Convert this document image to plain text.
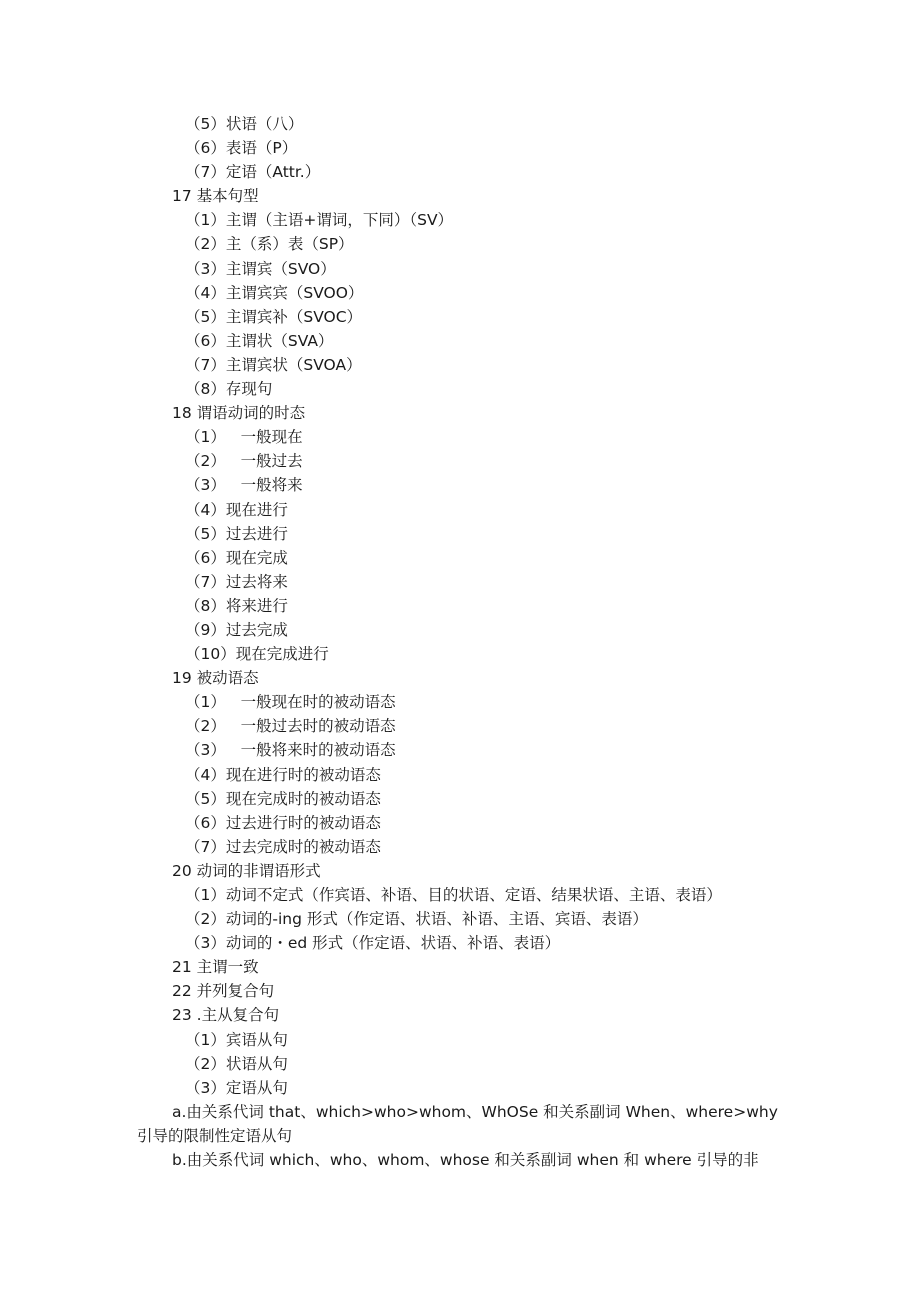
（5）状语（八）
（6）表语（P）
（7）定语（Attr.）
17 基本句型
（1）主谓（主语+谓词，下同）（SV）
（2）主（系）表（SP）
（3）主谓宾（SVO）
（4）主谓宾宾（SVOO）
（5）主谓宾补（SVOC）
（6）主谓状（SVA）
（7）主谓宾状（SVOA）
（8）存现句
18 谓语动词的时态
（1）   一般现在
（2）   一般过去
（3）   一般将来
（4）现在进行
（5）过去进行
（6）现在完成
（7）过去将来
（8）将来进行
（9）过去完成
（10）现在完成进行
19 被动语态
（1）   一般现在时的被动语态
（2）   一般过去时的被动语态
（3）   一般将来时的被动语态
（4）现在进行时的被动语态
（5）现在完成时的被动语态
（6）过去进行时的被动语态
（7）过去完成时的被动语态
20 动词的非谓语形式
（1）动词不定式（作宾语、补语、目的状语、定语、结果状语、主语、表语）
（2）动词的-ing 形式（作定语、状语、补语、主语、宾语、表语）
（3）动词的・ed 形式（作定语、状语、补语、表语）
21 主谓一致
22 并列复合句
23 .主从复合句
（1）宾语从句
（2）状语从句
（3）定语从句
a.由关系代词 that、which>who>whom、WhOSe 和关系副词 When、where>why
引导的限制性定语从句
b.由关系代词 which、who、whom、whose 和关系副词 when 和 where 引导的非
